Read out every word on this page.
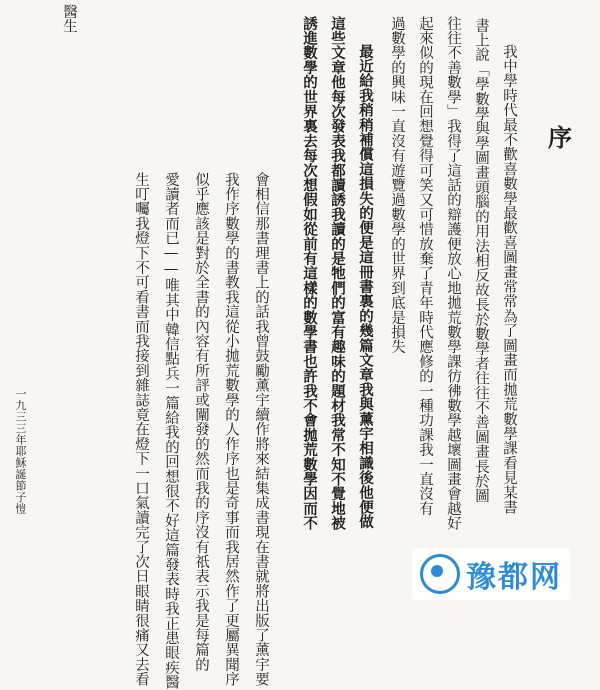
序
我中學時代最不歡喜數學最歡喜圖畫常常為了圖畫而拋荒數學課看見某書
書上說「學數學與學圖畫頭腦的用法相反故長於數學者往往不善圖畫長於圖
往往不善數學」我得了這話的辯護便放心地拋荒數學課彷彿數學越壞圖畫會越好
起來似的現在回想覺得可笑又可惜放棄了青年時代應修的一種功課我一直沒有
過數學的興味一直沒有遊覽過數學的世界到底是損失
最近給我稍稍補償這損失的便是這冊書裏的幾篇文章我與薰宇相識後他便做
這些文章他每次發表我都讀誘我讀的是牠們的富有趣味的題材我常不知不覺地被
誘進數學的世界裏去每次想假如從前有這樣的數學書也許我不會拋荒數學因而不
會相信那書理書上的話我曾鼓勵薰宇續作將來結集成書現在書就將出版了薰宇要
我作序數學的書教我這從小拋荒數學的人作序也是奇事而我居然作了更屬異聞序
似乎應該是對於全書的內容有所評或闡發的然而我的序沒有祇表示我是每篇的
愛讀者而已——唯其中韓信點兵一篇給我的回想很不好這篇發表時我正患眼疾醫
生叮囑我燈下不可看書而我接到雜誌竟在燈下一口氣讀完了次日眼睛很痛又去看
醫生
一九三三年耶穌誕節子愷
豫都网
